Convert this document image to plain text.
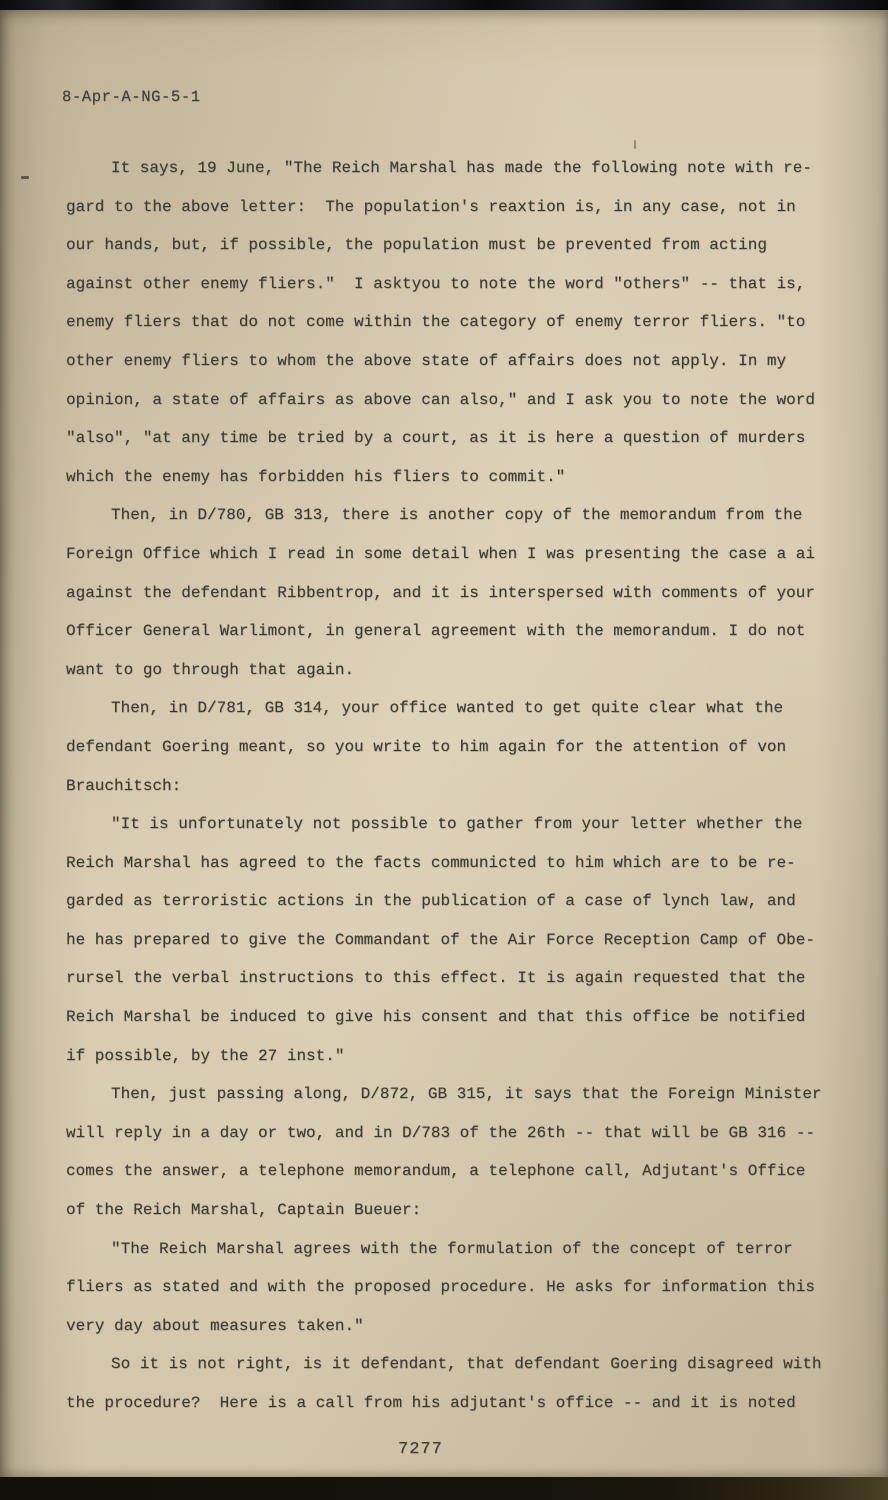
8-Apr-A-NG-5-1
It says, 19 June, "The Reich Marshal has made the following note with re-
gard to the above letter:  The population's reaxtion is, in any case, not in
our hands, but, if possible, the population must be prevented from acting
against other enemy fliers."  I asktyou to note the word "others" -- that is,
enemy fliers that do not come within the category of enemy terror fliers. "to
other enemy fliers to whom the above state of affairs does not apply. In my
opinion, a state of affairs as above can also," and I ask you to note the word
"also", "at any time be tried by a court, as it is here a question of murders
which the enemy has forbidden his fliers to commit."
Then, in D/780, GB 313, there is another copy of the memorandum from the
Foreign Office which I read in some detail when I was presenting the case a ai
against the defendant Ribbentrop, and it is interspersed with comments of your
Officer General Warlimont, in general agreement with the memorandum. I do not
want to go through that again.
Then, in D/781, GB 314, your office wanted to get quite clear what the
defendant Goering meant, so you write to him again for the attention of von
Brauchitsch:
"It is unfortunately not possible to gather from your letter whether the
Reich Marshal has agreed to the facts communicted to him which are to be re-
garded as terroristic actions in the publication of a case of lynch law, and
he has prepared to give the Commandant of the Air Force Reception Camp of Obe-
rursel the verbal instructions to this effect. It is again requested that the
Reich Marshal be induced to give his consent and that this office be notified
if possible, by the 27 inst."
Then, just passing along, D/872, GB 315, it says that the Foreign Minister
will reply in a day or two, and in D/783 of the 26th -- that will be GB 316 --
comes the answer, a telephone memorandum, a telephone call, Adjutant's Office
of the Reich Marshal, Captain Bueuer:
"The Reich Marshal agrees with the formulation of the concept of terror
fliers as stated and with the proposed procedure. He asks for information this
very day about measures taken."
So it is not right, is it defendant, that defendant Goering disagreed with
the procedure?  Here is a call from his adjutant's office -- and it is noted
7277
